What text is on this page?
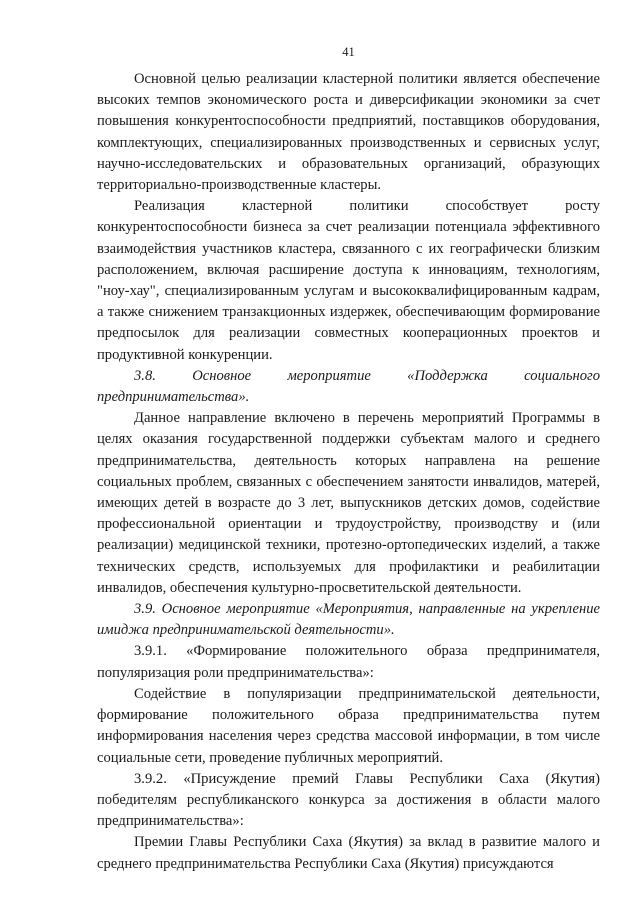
41

Основной целью реализации кластерной политики является обеспечение высоких темпов экономического роста и диверсификации экономики за счет повышения конкурентоспособности предприятий, поставщиков оборудования, комплектующих, специализированных производственных и сервисных услуг, научно-исследовательских и образовательных организаций, образующих территориально-производственные кластеры.

Реализация кластерной политики способствует росту конкурентоспособности бизнеса за счет реализации потенциала эффективного взаимодействия участников кластера, связанного с их географически близким расположением, включая расширение доступа к инновациям, технологиям, "ноу-хау", специализированным услугам и высококвалифицированным кадрам, а также снижением транзакционных издержек, обеспечивающим формирование предпосылок для реализации совместных кооперационных проектов и продуктивной конкуренции.

3.8. Основное мероприятие «Поддержка социального предпринимательства».

Данное направление включено в перечень мероприятий Программы в целях оказания государственной поддержки субъектам малого и среднего предпринимательства, деятельность которых направлена на решение социальных проблем, связанных с обеспечением занятости инвалидов, матерей, имеющих детей в возрасте до 3 лет, выпускников детских домов, содействие профессиональной ориентации и трудоустройству, производству и (или реализации) медицинской техники, протезно-ортопедических изделий, а также технических средств, используемых для профилактики и реабилитации инвалидов, обеспечения культурно-просветительской деятельности.

3.9. Основное мероприятие «Мероприятия, направленные на укрепление имиджа предпринимательской деятельности».

3.9.1. «Формирование положительного образа предпринимателя, популяризация роли предпринимательства»:

Содействие в популяризации предпринимательской деятельности, формирование положительного образа предпринимательства путем информирования населения через средства массовой информации, в том числе социальные сети, проведение публичных мероприятий.

3.9.2. «Присуждение премий Главы Республики Саха (Якутия) победителям республиканского конкурса за достижения в области малого предпринимательства»:

Премии Главы Республики Саха (Якутия) за вклад в развитие малого и среднего предпринимательства Республики Саха (Якутия) присуждаются
